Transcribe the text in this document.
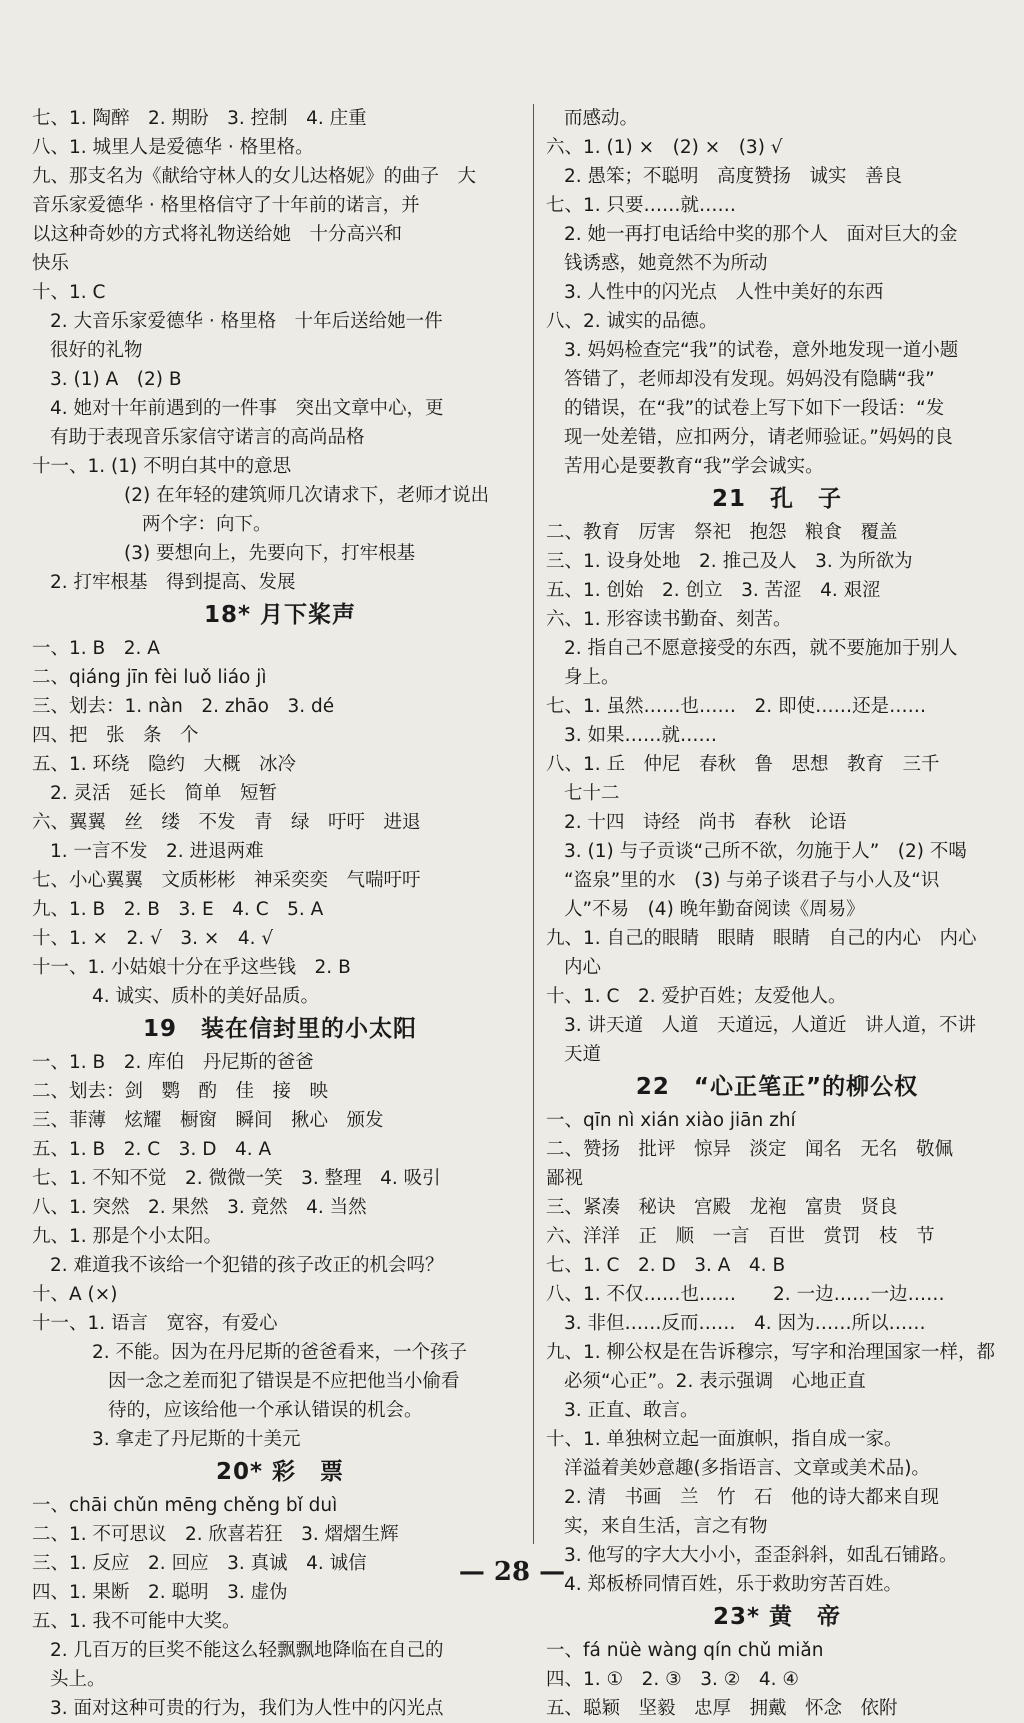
七、1. 陶醉　2. 期盼　3. 控制　4. 庄重
八、1. 城里人是爱德华 · 格里格。
九、那支名为《献给守林人的女儿达格妮》的曲子　大
音乐家爱德华 · 格里格信守了十年前的诺言，并
以这种奇妙的方式将礼物送给她　十分高兴和
快乐
十、1. C
2. 大音乐家爱德华 · 格里格　十年后送给她一件
很好的礼物
3. (1) A　(2) B
4. 她对十年前遇到的一件事　突出文章中心，更
有助于表现音乐家信守诺言的高尚品格
十一、1. (1) 不明白其中的意思
(2) 在年轻的建筑师几次请求下，老师才说出
两个字：向下。
(3) 要想向上，先要向下，打牢根基
2. 打牢根基　得到提高、发展
18* 月下桨声
一、1. B　2. A
二、qiáng jīn fèi luǒ liáo jì
三、划去：1. nàn　2. zhāo　3. dé
四、把　张　条　个
五、1. 环绕　隐约　大概　冰冷
2. 灵活　延长　简单　短暂
六、翼翼　丝　缕　不发　青　绿　吁吁　进退
1. 一言不发　2. 进退两难
七、小心翼翼　文质彬彬　神采奕奕　气喘吁吁
九、1. B　2. B　3. E　4. C　5. A
十、1. ×　2. √　3. ×　4. √
十一、1. 小姑娘十分在乎这些钱　2. B
4. 诚实、质朴的美好品质。
19　装在信封里的小太阳
一、1. B　2. 库伯　丹尼斯的爸爸
二、划去：剑　鹦　酌　佳　接　映
三、菲薄　炫耀　橱窗　瞬间　揪心　颁发
五、1. B　2. C　3. D　4. A
七、1. 不知不觉　2. 微微一笑　3. 整理　4. 吸引
八、1. 突然　2. 果然　3. 竟然　4. 当然
九、1. 那是个小太阳。
2. 难道我不该给一个犯错的孩子改正的机会吗？
十、A (×)
十一、1. 语言　宽容，有爱心
2. 不能。因为在丹尼斯的爸爸看来，一个孩子
因一念之差而犯了错误是不应把他当小偷看
待的，应该给他一个承认错误的机会。
3. 拿走了丹尼斯的十美元
20* 彩　票
一、chāi chǔn mēng chěng bǐ duì
二、1. 不可思议　2. 欣喜若狂　3. 熠熠生辉
三、1. 反应　2. 回应　3. 真诚　4. 诚信
四、1. 果断　2. 聪明　3. 虚伪
五、1. 我不可能中大奖。
2. 几百万的巨奖不能这么轻飘飘地降临在自己的
头上。
3. 面对这种可贵的行为，我们为人性中的闪光点
而感动。
六、1. (1) ×　(2) ×　(3) √
2. 愚笨；不聪明　高度赞扬　诚实　善良
七、1. 只要……就……
2. 她一再打电话给中奖的那个人　面对巨大的金
钱诱惑，她竟然不为所动
3. 人性中的闪光点　人性中美好的东西
八、2. 诚实的品德。
3. 妈妈检查完“我”的试卷，意外地发现一道小题
答错了，老师却没有发现。妈妈没有隐瞒“我”
的错误，在“我”的试卷上写下如下一段话：“发
现一处差错，应扣两分，请老师验证。”妈妈的良
苦用心是要教育“我”学会诚实。
21　孔　子
二、教育　厉害　祭祀　抱怨　粮食　覆盖
三、1. 设身处地　2. 推己及人　3. 为所欲为
五、1. 创始　2. 创立　3. 苦涩　4. 艰涩
六、1. 形容读书勤奋、刻苦。
2. 指自己不愿意接受的东西，就不要施加于别人
身上。
七、1. 虽然……也……　2. 即使……还是……
3. 如果……就……
八、1. 丘　仲尼　春秋　鲁　思想　教育　三千
七十二
2. 十四　诗经　尚书　春秋　论语
3. (1) 与子贡谈“己所不欲，勿施于人”　(2) 不喝
“盗泉”里的水　(3) 与弟子谈君子与小人及“识
人”不易　(4) 晚年勤奋阅读《周易》
九、1. 自己的眼睛　眼睛　眼睛　自己的内心　内心
内心
十、1. C　2. 爱护百姓；友爱他人。
3. 讲天道　人道　天道远，人道近　讲人道，不讲
天道
22　“心正笔正”的柳公权
一、qīn nì xián xiào jiān zhí
二、赞扬　批评　惊异　淡定　闻名　无名　敬佩
鄙视
三、紧凑　秘诀　宫殿　龙袍　富贵　贤良
六、洋洋　正　顺　一言　百世　赏罚　枝　节
七、1. C　2. D　3. A　4. B
八、1. 不仅……也……　　2. 一边……一边……
3. 非但……反而……　4. 因为……所以……
九、1. 柳公权是在告诉穆宗，写字和治理国家一样，都
必须“心正”。2. 表示强调　心地正直
3. 正直、敢言。
十、1. 单独树立起一面旗帜，指自成一家。
洋溢着美妙意趣(多指语言、文章或美术品)。
2. 清　书画　兰　竹　石　他的诗大都来自现
实，来自生活，言之有物
3. 他写的字大大小小，歪歪斜斜，如乱石铺路。
4. 郑板桥同情百姓，乐于救助穷苦百姓。
23* 黄　帝
一、fá nüè wàng qín chǔ miǎn
四、1. ①　2. ③　3. ②　4. ④
五、聪颖　坚毅　忠厚　拥戴　怀念　依附
— 28 —
